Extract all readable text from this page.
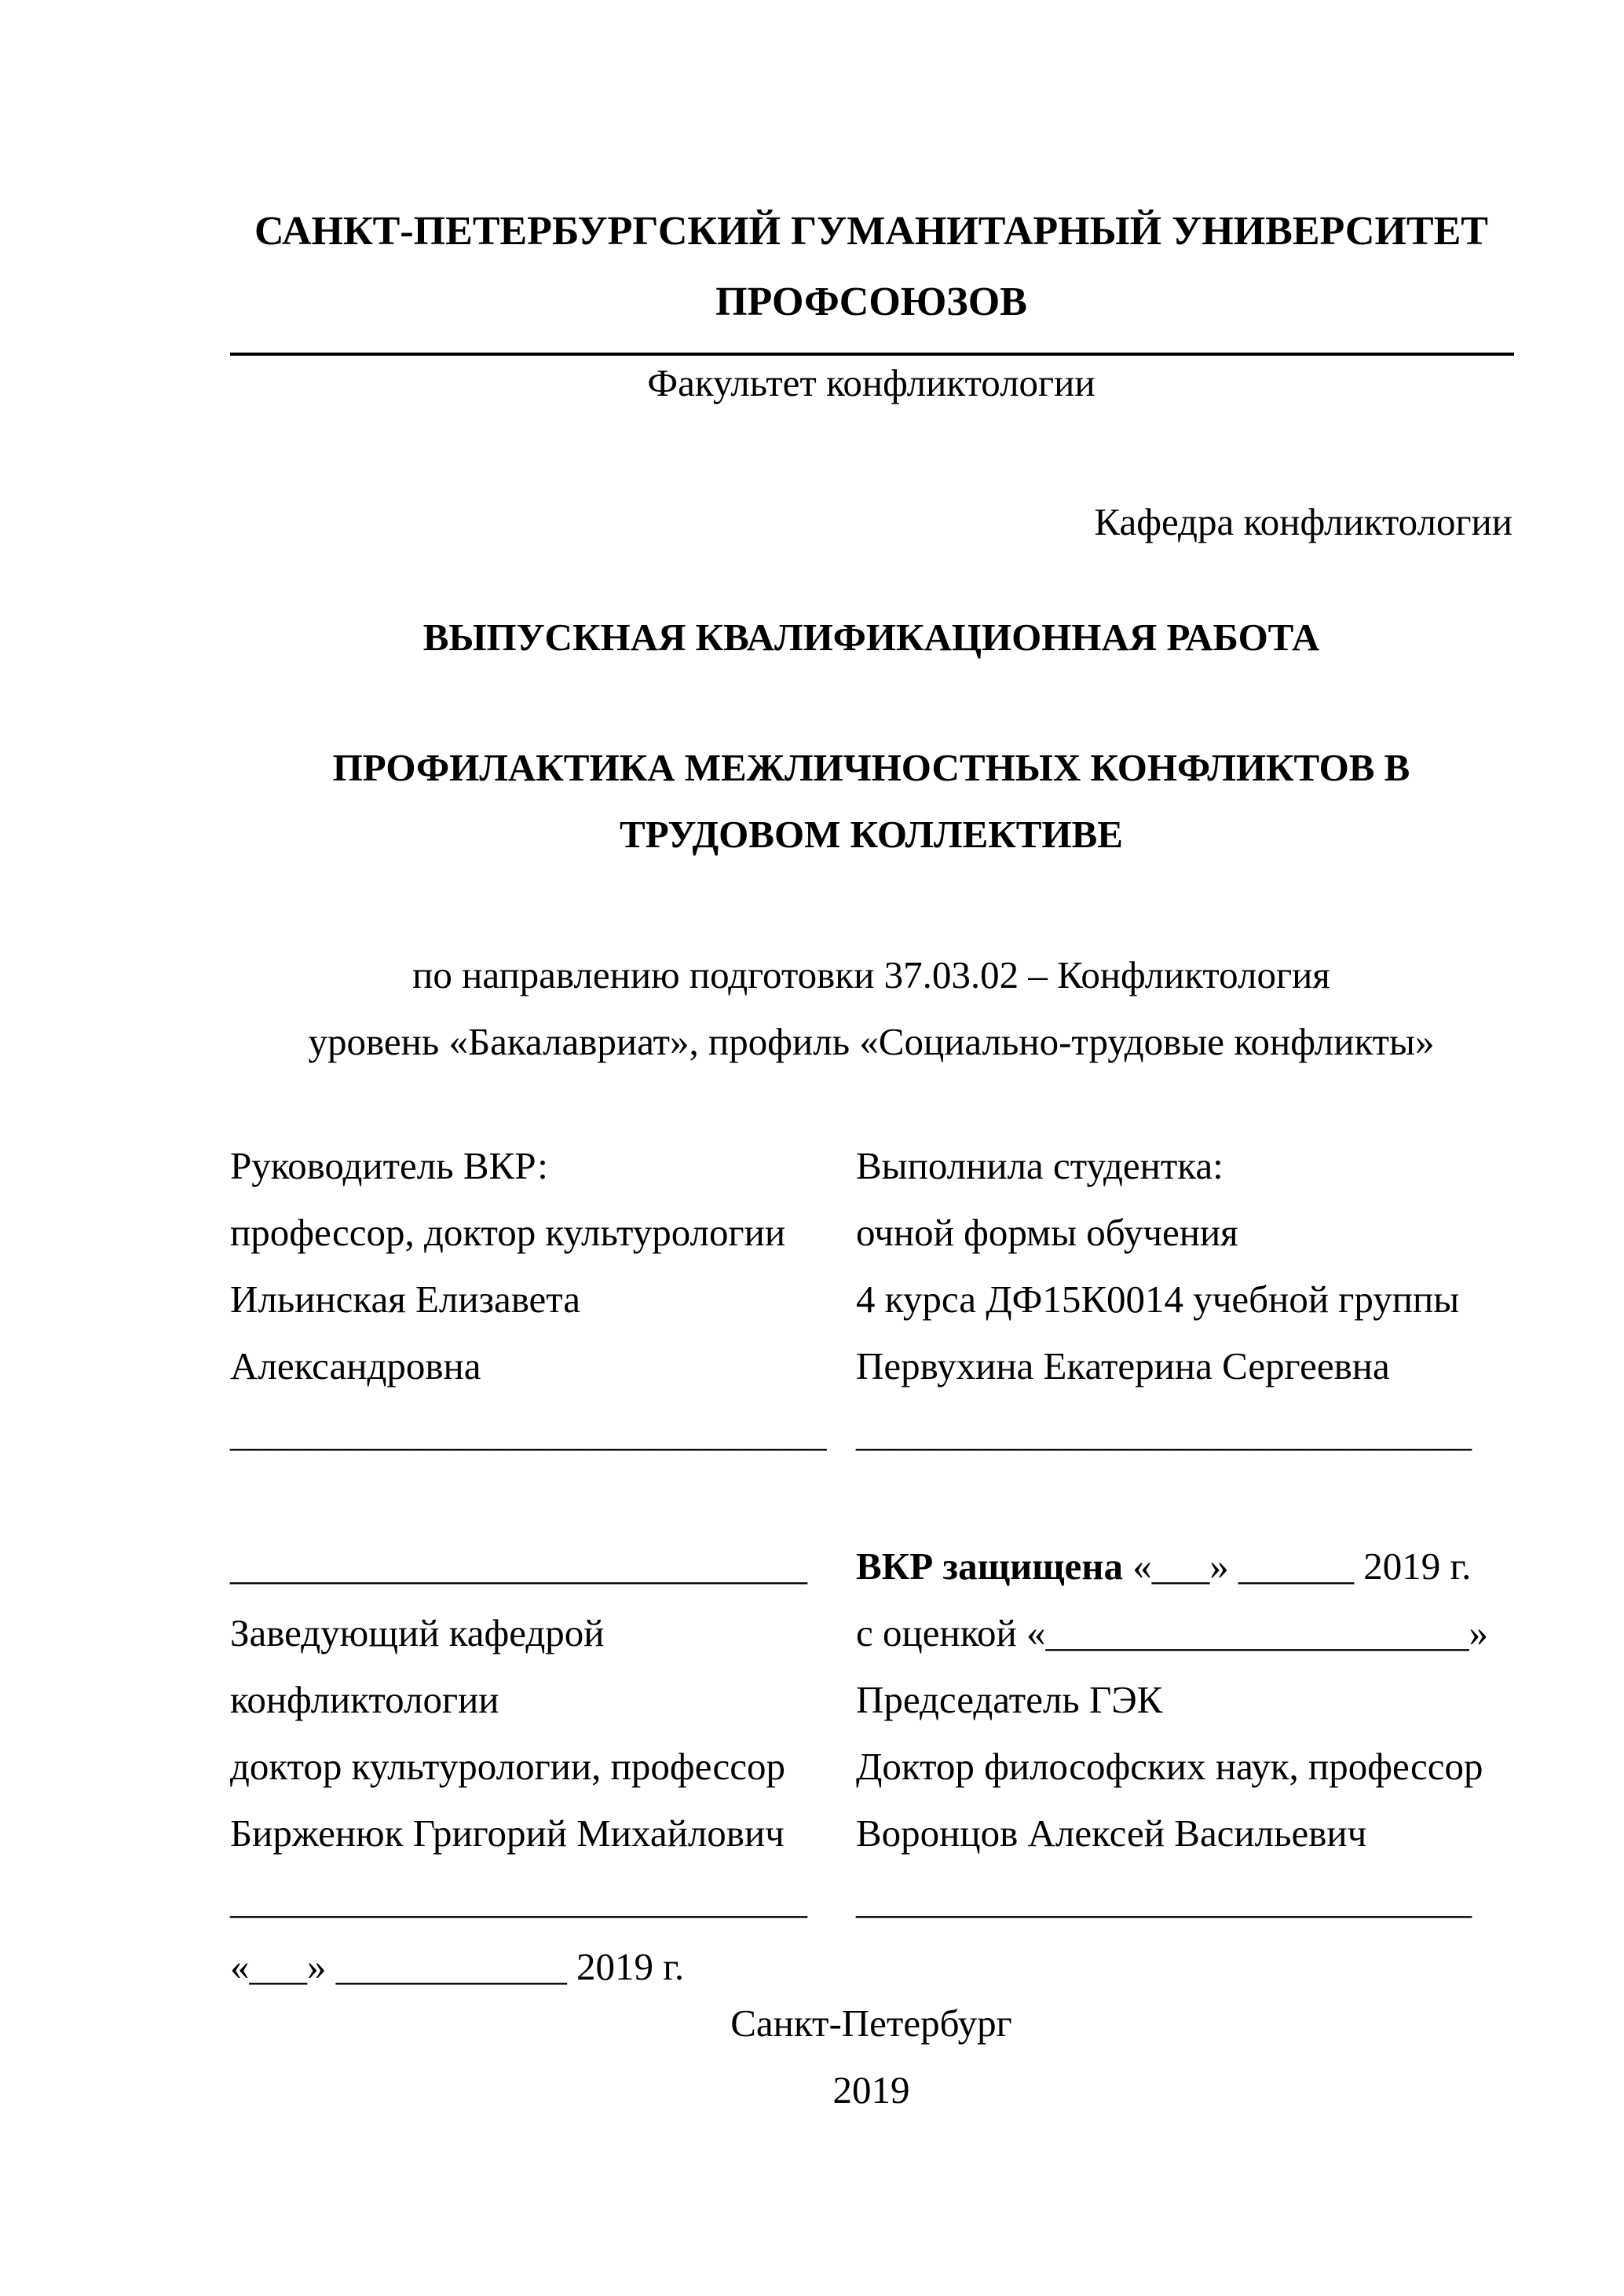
САНКТ-ПЕТЕРБУРГСКИЙ ГУМАНИТАРНЫЙ УНИВЕРСИТЕТ
ПРОФСОЮЗОВ
Факультет конфликтологии
Кафедра конфликтологии
ВЫПУСКНАЯ КВАЛИФИКАЦИОННАЯ РАБОТА
ПРОФИЛАКТИКА МЕЖЛИЧНОСТНЫХ КОНФЛИКТОВ В
ТРУДОВОМ КОЛЛЕКТИВЕ
по направлению подготовки 37.03.02 – Конфликтология
уровень «Бакалавриат», профиль «Социально-трудовые конфликты»
Руководитель ВКР:
профессор, доктор культурологии
Ильинская Елизавета
Александровна
_______________________________
______________________________
Заведующий кафедрой
конфликтологии
доктор культурологии, профессор
Бирженюк Григорий Михайлович
______________________________
«___» ____________ 2019 г.
Выполнила студентка:
очной формы обучения
4 курса ДФ15К0014 учебной группы
Первухина Екатерина Сергеевна
________________________________
ВКР защищена «___» ______ 2019 г.
с оценкой «______________________»
Председатель ГЭК
Доктор философских наук, профессор
Воронцов Алексей Васильевич
________________________________
Санкт-Петербург
2019
